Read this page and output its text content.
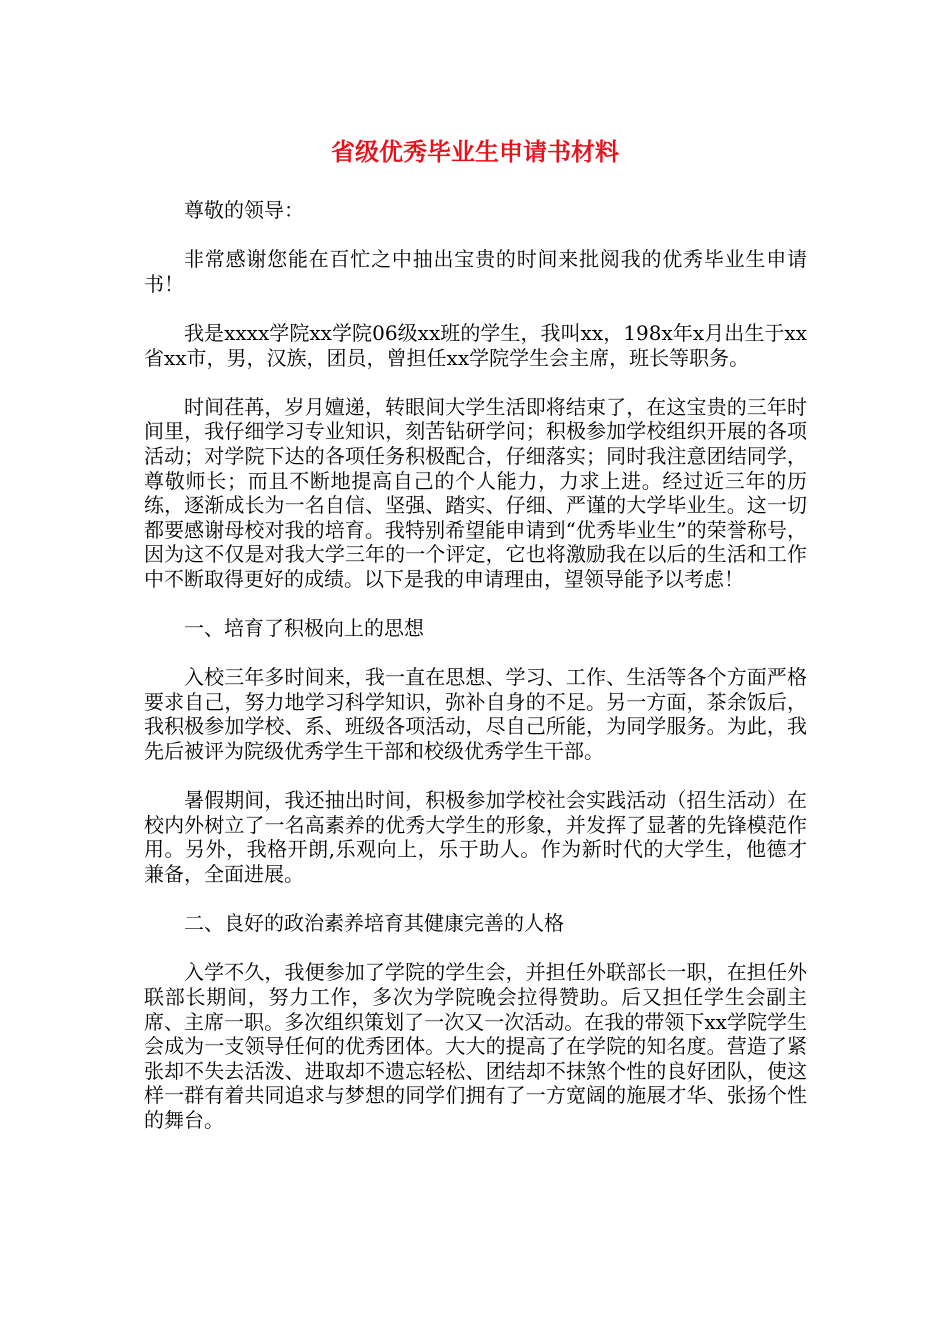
省级优秀毕业生申请书材料

尊敬的领导：

非常感谢您能在百忙之中抽出宝贵的时间来批阅我的优秀毕业生申请书！

我是xxxx学院xx学院06级xx班的学生，我叫xx，198x年x月出生于xx省xx市，男，汉族，团员，曾担任xx学院学生会主席，班长等职务。

时间荏苒，岁月嬗递，转眼间大学生活即将结束了，在这宝贵的三年时间里，我仔细学习专业知识，刻苦钻研学问；积极参加学校组织开展的各项活动；对学院下达的各项任务积极配合，仔细落实；同时我注意团结同学，尊敬师长；而且不断地提高自己的个人能力，力求上进。经过近三年的历练，逐渐成长为一名自信、坚强、踏实、仔细、严谨的大学毕业生。这一切都要感谢母校对我的培育。我特别希望能申请到“优秀毕业生”的荣誉称号，因为这不仅是对我大学三年的一个评定，它也将激励我在以后的生活和工作中不断取得更好的成绩。以下是我的申请理由，望领导能予以考虑！

一、培育了积极向上的思想

入校三年多时间来，我一直在思想、学习、工作、生活等各个方面严格要求自己，努力地学习科学知识，弥补自身的不足。另一方面，茶余饭后，我积极参加学校、系、班级各项活动，尽自己所能，为同学服务。为此，我先后被评为院级优秀学生干部和校级优秀学生干部。

暑假期间，我还抽出时间，积极参加学校社会实践活动（招生活动）在校内外树立了一名高素养的优秀大学生的形象，并发挥了显著的先锋模范作用。另外，我格开朗,乐观向上，乐于助人。作为新时代的大学生，他德才兼备，全面进展。

二、良好的政治素养培育其健康完善的人格

入学不久，我便参加了学院的学生会，并担任外联部长一职，在担任外联部长期间，努力工作，多次为学院晚会拉得赞助。后又担任学生会副主席、主席一职。多次组织策划了一次又一次活动。在我的带领下xx学院学生会成为一支领导任何的优秀团体。大大的提高了在学院的知名度。营造了紧张却不失去活泼、进取却不遗忘轻松、团结却不抹煞个性的良好团队，使这样一群有着共同追求与梦想的同学们拥有了一方宽阔的施展才华、张扬个性的舞台。
